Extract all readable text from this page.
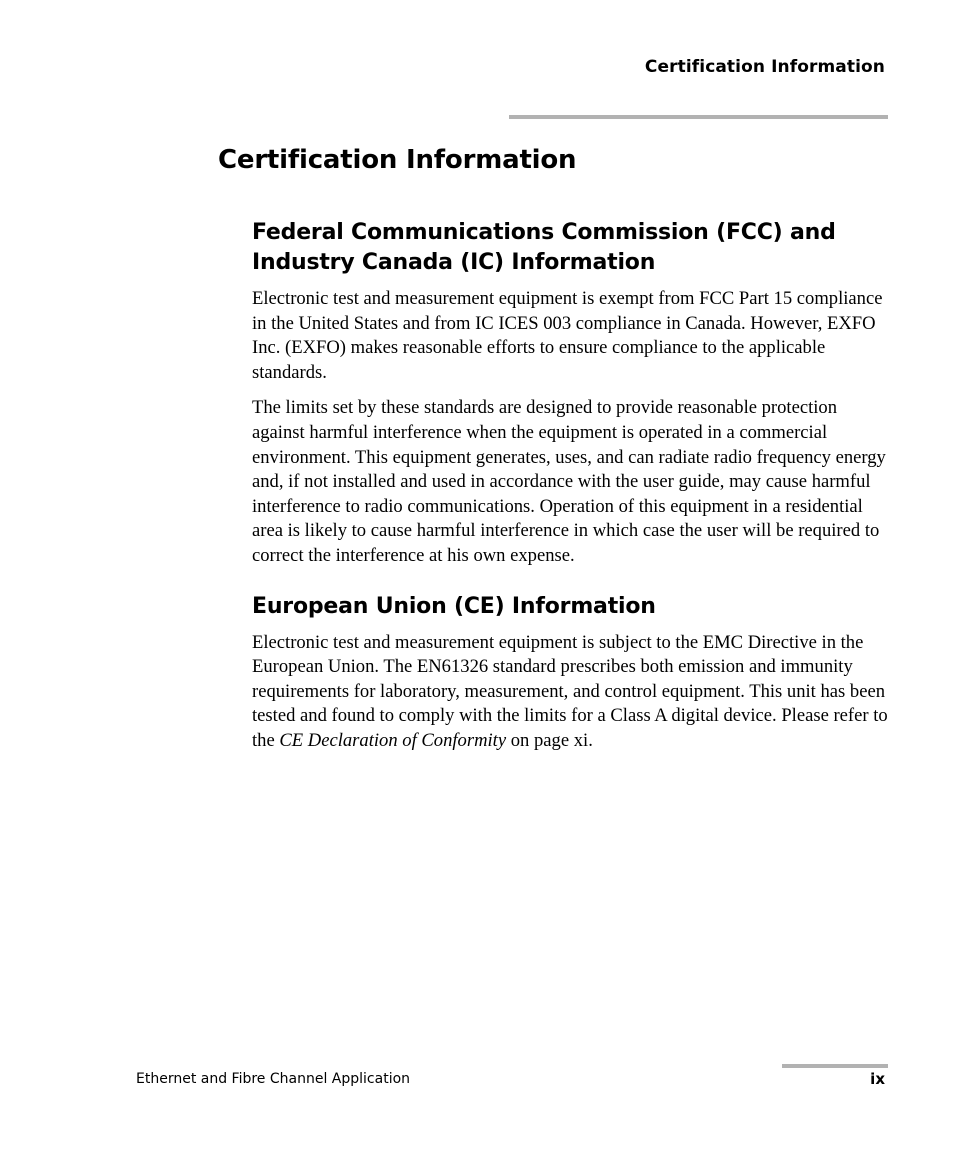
Certification Information
Certification Information
Federal Communications Commission (FCC) and Industry Canada (IC) Information

Electronic test and measurement equipment is exempt from FCC Part 15 compliance in the United States and from IC ICES 003 compliance in Canada. However, EXFO Inc. (EXFO) makes reasonable efforts to ensure compliance to the applicable standards.

The limits set by these standards are designed to provide reasonable protection against harmful interference when the equipment is operated in a commercial environment. This equipment generates, uses, and can radiate radio frequency energy and, if not installed and used in accordance with the user guide, may cause harmful interference to radio communications. Operation of this equipment in a residential area is likely to cause harmful interference in which case the user will be required to correct the interference at his own expense.

European Union (CE) Information

Electronic test and measurement equipment is subject to the EMC Directive in the European Union. The EN61326 standard prescribes both emission and immunity requirements for laboratory, measurement, and control equipment. This unit has been tested and found to comply with the limits for a Class A digital device. Please refer to the CE Declaration of Conformity on page xi.

Ethernet and Fibre Channel Application	ix
